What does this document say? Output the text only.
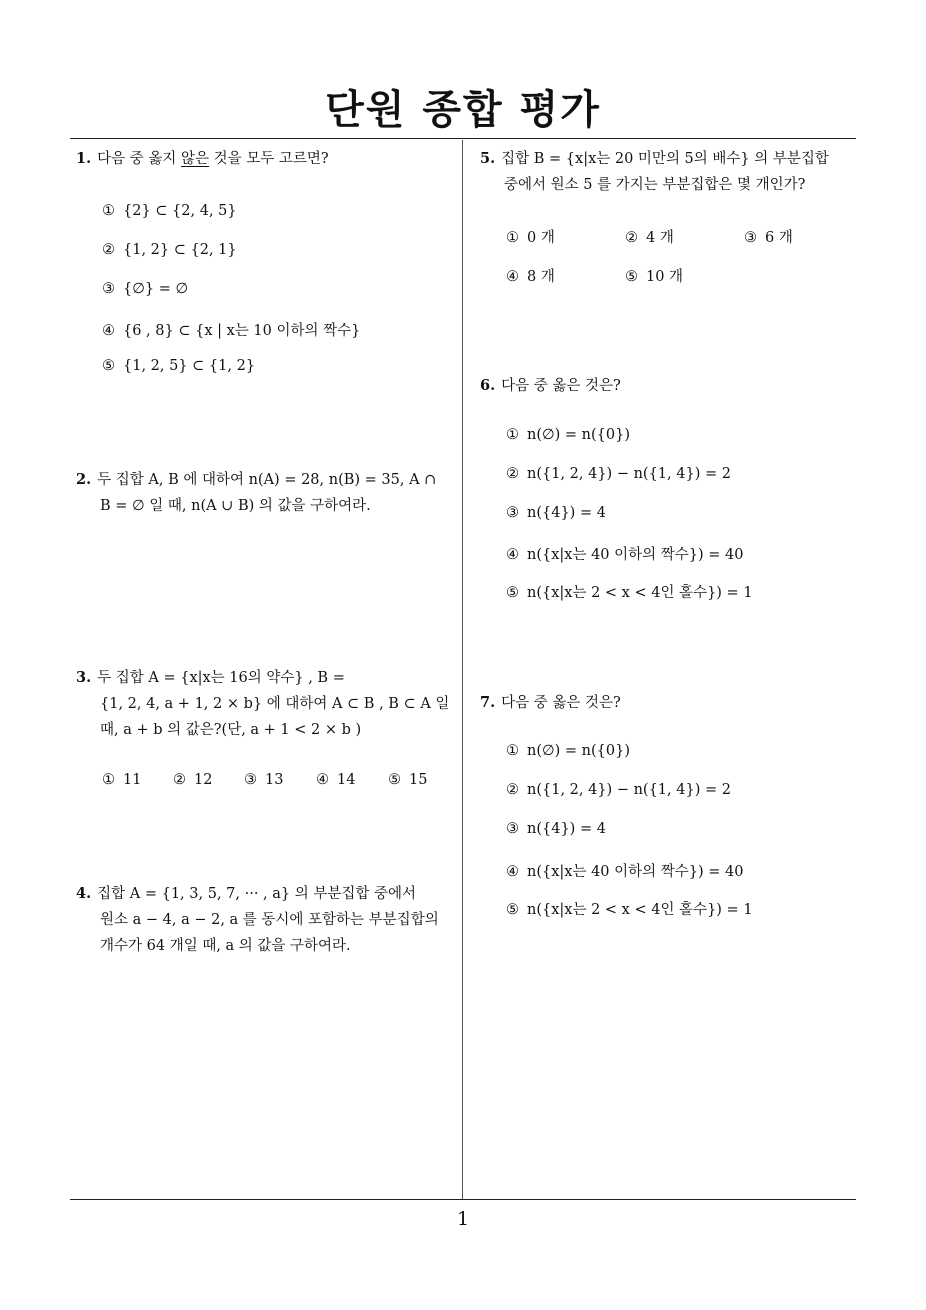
단원 종합 평가
1
1. 다음 중 옳지 않은 것을 모두 고르면?
① {2} ⊂ {2, 4, 5}
② {1, 2} ⊂ {2, 1}
③ {∅} = ∅
④ {6 , 8} ⊂ {x | x는 10 이하의 짝수}
⑤ {1, 2, 5} ⊂ {1, 2}
2. 두 집합 A, B 에 대하여 n(A) = 28, n(B) = 35, A ∩
B = ∅ 일 때, n(A ∪ B) 의 값을 구하여라.
3. 두 집합 A = {x|x는 16의 약수} , B =
{1, 2, 4, a + 1, 2 × b} 에 대하여 A ⊂ B , B ⊂ A 일
때, a + b 의 값은?(단, a + 1 < 2 × b )
① 11 ② 12 ③ 13 ④ 14 ⑤ 15
4. 집합 A = {1, 3, 5, 7, ··· , a} 의 부분집합 중에서
원소 a − 4, a − 2, a 를 동시에 포함하는 부분집합의
개수가 64 개일 때, a 의 값을 구하여라.
5. 집합 B = {x|x는 20 미만의 5의 배수} 의 부분집합
중에서 원소 5 를 가지는 부분집합은 몇 개인가?
① 0 개	② 4 개	③ 6 개
④ 8 개	⑤ 10 개
6. 다음 중 옳은 것은?
① n(∅) = n({0})
② n({1, 2, 4}) − n({1, 4}) = 2
③ n({4}) = 4
④ n({x|x는 40 이하의 짝수}) = 40
⑤ n({x|x는 2 < x < 4인 홀수}) = 1
7. 다음 중 옳은 것은?
① n(∅) = n({0})
② n({1, 2, 4}) − n({1, 4}) = 2
③ n({4}) = 4
④ n({x|x는 40 이하의 짝수}) = 40
⑤ n({x|x는 2 < x < 4인 홀수}) = 1
